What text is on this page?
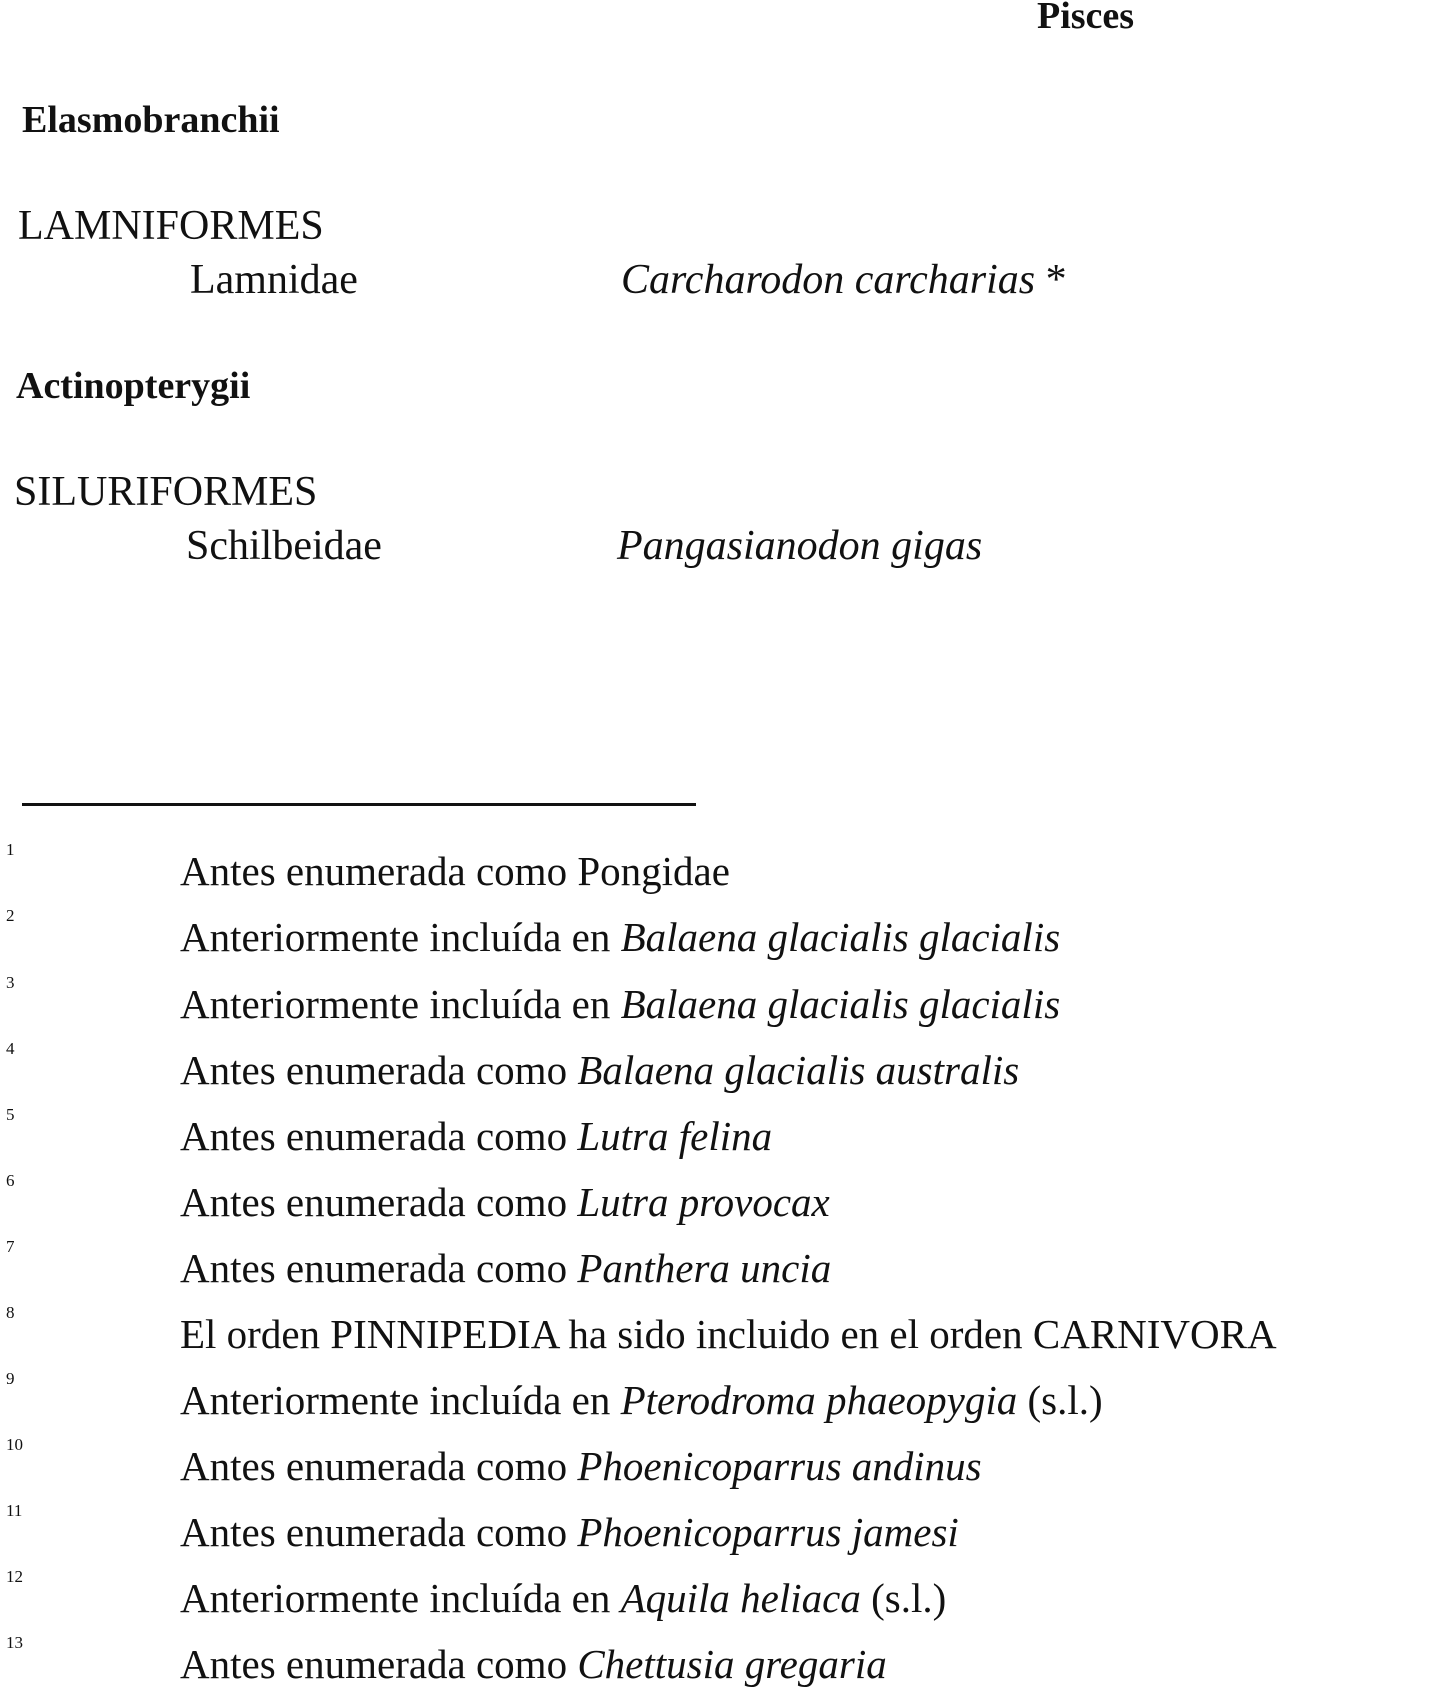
Pisces
Elasmobranchii
LAMNIFORMES
Lamnidae	Carcharodon carcharias *
Actinopterygii
SILURIFORMES
Schilbeidae	Pangasianodon gigas
1	Antes enumerada como Pongidae
2	Anteriormente incluída en Balaena glacialis glacialis
3	Anteriormente incluída en Balaena glacialis glacialis
4	Antes enumerada como Balaena glacialis australis
5	Antes enumerada como Lutra felina
6	Antes enumerada como Lutra provocax
7	Antes enumerada como Panthera uncia
8	El orden PINNIPEDIA ha sido incluido en el orden CARNIVORA
9	Anteriormente incluída en Pterodroma phaeopygia (s.l.)
10	Antes enumerada como Phoenicoparrus andinus
11	Antes enumerada como Phoenicoparrus jamesi
12	Anteriormente incluída en Aquila heliaca (s.l.)
13	Antes enumerada como Chettusia gregaria
